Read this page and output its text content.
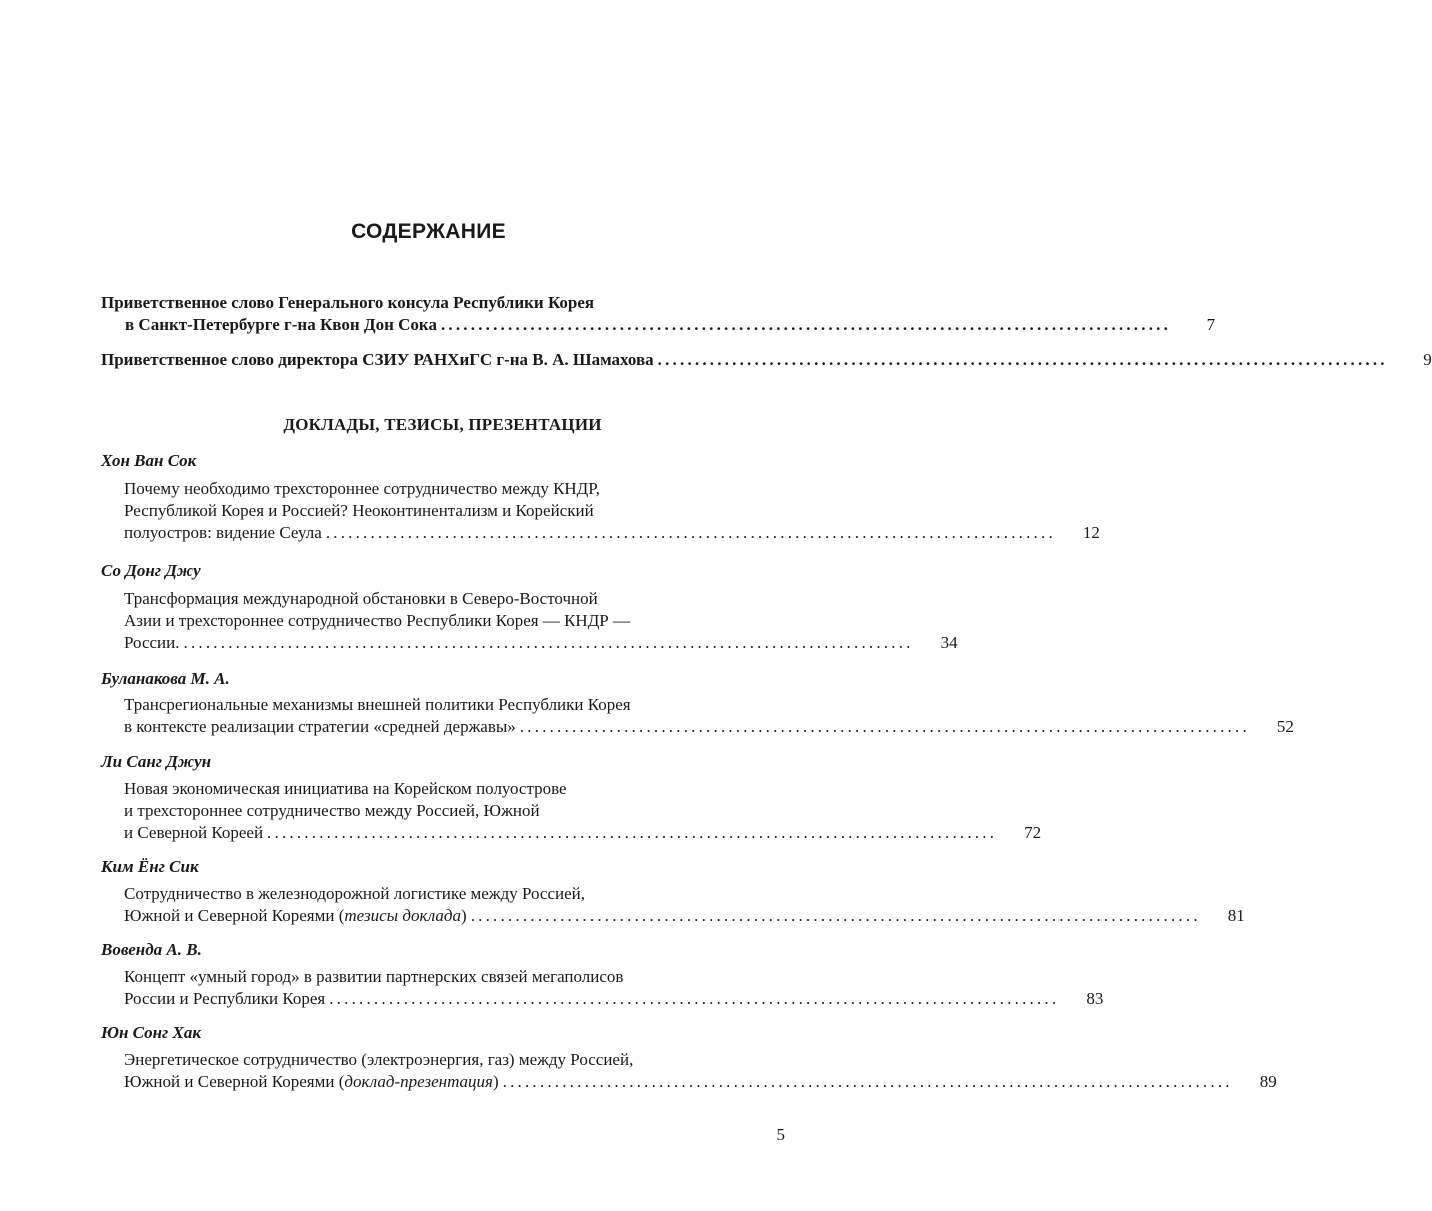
СОДЕРЖАНИЕ
Приветственное слово Генерального консула Республики Корея
в Санкт-Петербурге г-на Квон Дон Сока ..................................................................................................	7
Приветственное слово директора СЗИУ РАНХиГС г-на В. А. Шамахова ..................................................................................................	9
ДОКЛАДЫ, ТЕЗИСЫ, ПРЕЗЕНТАЦИИ
Хон Ван Сок
Почему необходимо трехстороннее сотрудничество между КНДР,
Республикой Корея и Россией? Неоконтинентализм и Корейский
полуостров: видение Сеула ..................................................................................................	12
Со Донг Джу
Трансформация международной обстановки в Северо-Восточной
Азии и трехстороннее сотрудничество Республики Корея — КНДР —
России. ..................................................................................................	34
Буланакова М. А.
Трансрегиональные механизмы внешней политики Республики Корея
в контексте реализации стратегии «средней державы» ..................................................................................................	52
Ли Санг Джун
Новая экономическая инициатива на Корейском полуострове
и трехстороннее сотрудничество между Россией, Южной
и Северной Кореей ..................................................................................................	72
Ким Ёнг Сик
Сотрудничество в железнодорожной логистике между Россией,
Южной и Северной Кореями (тезисы доклада) ..................................................................................................	81
Вовенда А. В.
Концепт «умный город» в развитии партнерских связей мегаполисов
России и Республики Корея ..................................................................................................	83
Юн Сонг Хак
Энергетическое сотрудничество (электроэнергия, газ) между Россией,
Южной и Северной Кореями (доклад-презентация) ..................................................................................................	89
5
